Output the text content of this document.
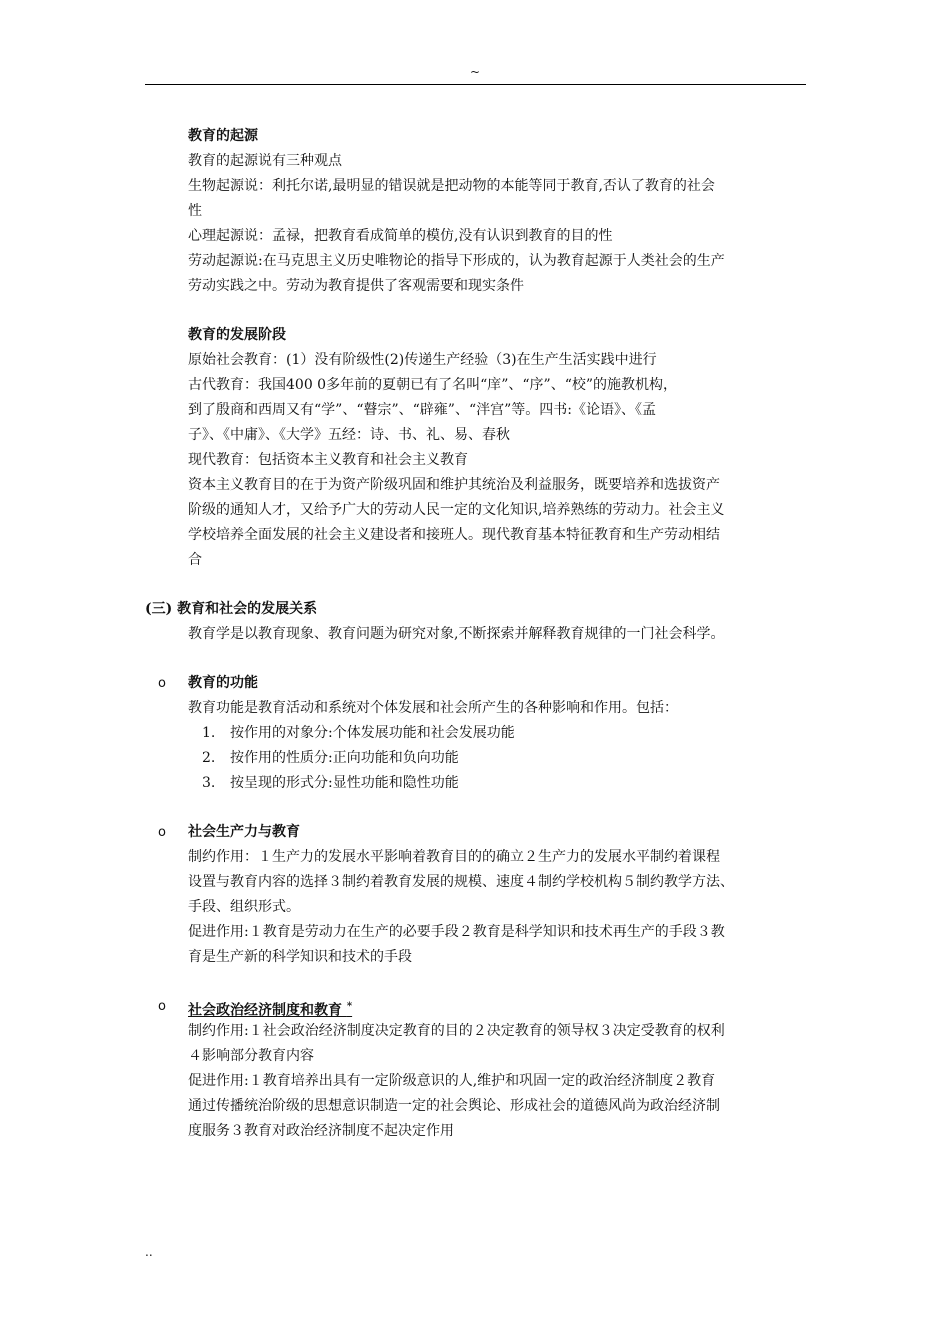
~
教育的起源
教育的起源说有三种观点
生物起源说：利托尔诺,最明显的错误就是把动物的本能等同于教育,否认了教育的社会
性
心理起源说：孟禄，把教育看成简单的模仿,没有认识到教育的目的性
劳动起源说:在马克思主义历史唯物论的指导下形成的，认为教育起源于人类社会的生产
劳动实践之中。劳动为教育提供了客观需要和现实条件
教育的发展阶段
原始社会教育：(1）没有阶级性(2)传递生产经验（3)在生产生活实践中进行
古代教育：我国400 0多年前的夏朝已有了名叫“庠”、“序”、“校”的施教机构，
到了殷商和西周又有“学”、“瞽宗”、“辟雍”、“泮宫”等。四书:《论语》、《孟
子》、《中庸》、《大学》五经：诗、书、礼、易、春秋
现代教育：包括资本主义教育和社会主义教育
资本主义教育目的在于为资产阶级巩固和维护其统治及利益服务，既要培养和选拔资产
阶级的通知人才，又给予广大的劳动人民一定的文化知识,培养熟练的劳动力。社会主义
学校培养全面发展的社会主义建设者和接班人。现代教育基本特征教育和生产劳动相结
合
(三) 教育和社会的发展关系
教育学是以教育现象、教育问题为研究对象,不断探索并解释教育规律的一门社会科学。
o 教育的功能
教育功能是教育活动和系统对个体发展和社会所产生的各种影响和作用。包括：
1. 按作用的对象分:个体发展功能和社会发展功能
2. 按作用的性质分:正向功能和负向功能
3. 按呈现的形式分:显性功能和隐性功能
o 社会生产力与教育
制约作用：１生产力的发展水平影响着教育目的的确立２生产力的发展水平制约着课程
设置与教育内容的选择３制约着教育发展的规模、速度４制约学校机构５制约教学方法、
手段、组织形式。
促进作用:１教育是劳动力在生产的必要手段２教育是科学知识和技术再生产的手段３教
育是生产新的科学知识和技术的手段
o 社会政治经济制度和教育 *
制约作用:１社会政治经济制度决定教育的目的２决定教育的领导权３决定受教育的权利
４影响部分教育内容
促进作用:１教育培养出具有一定阶级意识的人,维护和巩固一定的政治经济制度２教育
通过传播统治阶级的思想意识制造一定的社会舆论、形成社会的道德风尚为政治经济制
度服务３教育对政治经济制度不起决定作用
..
